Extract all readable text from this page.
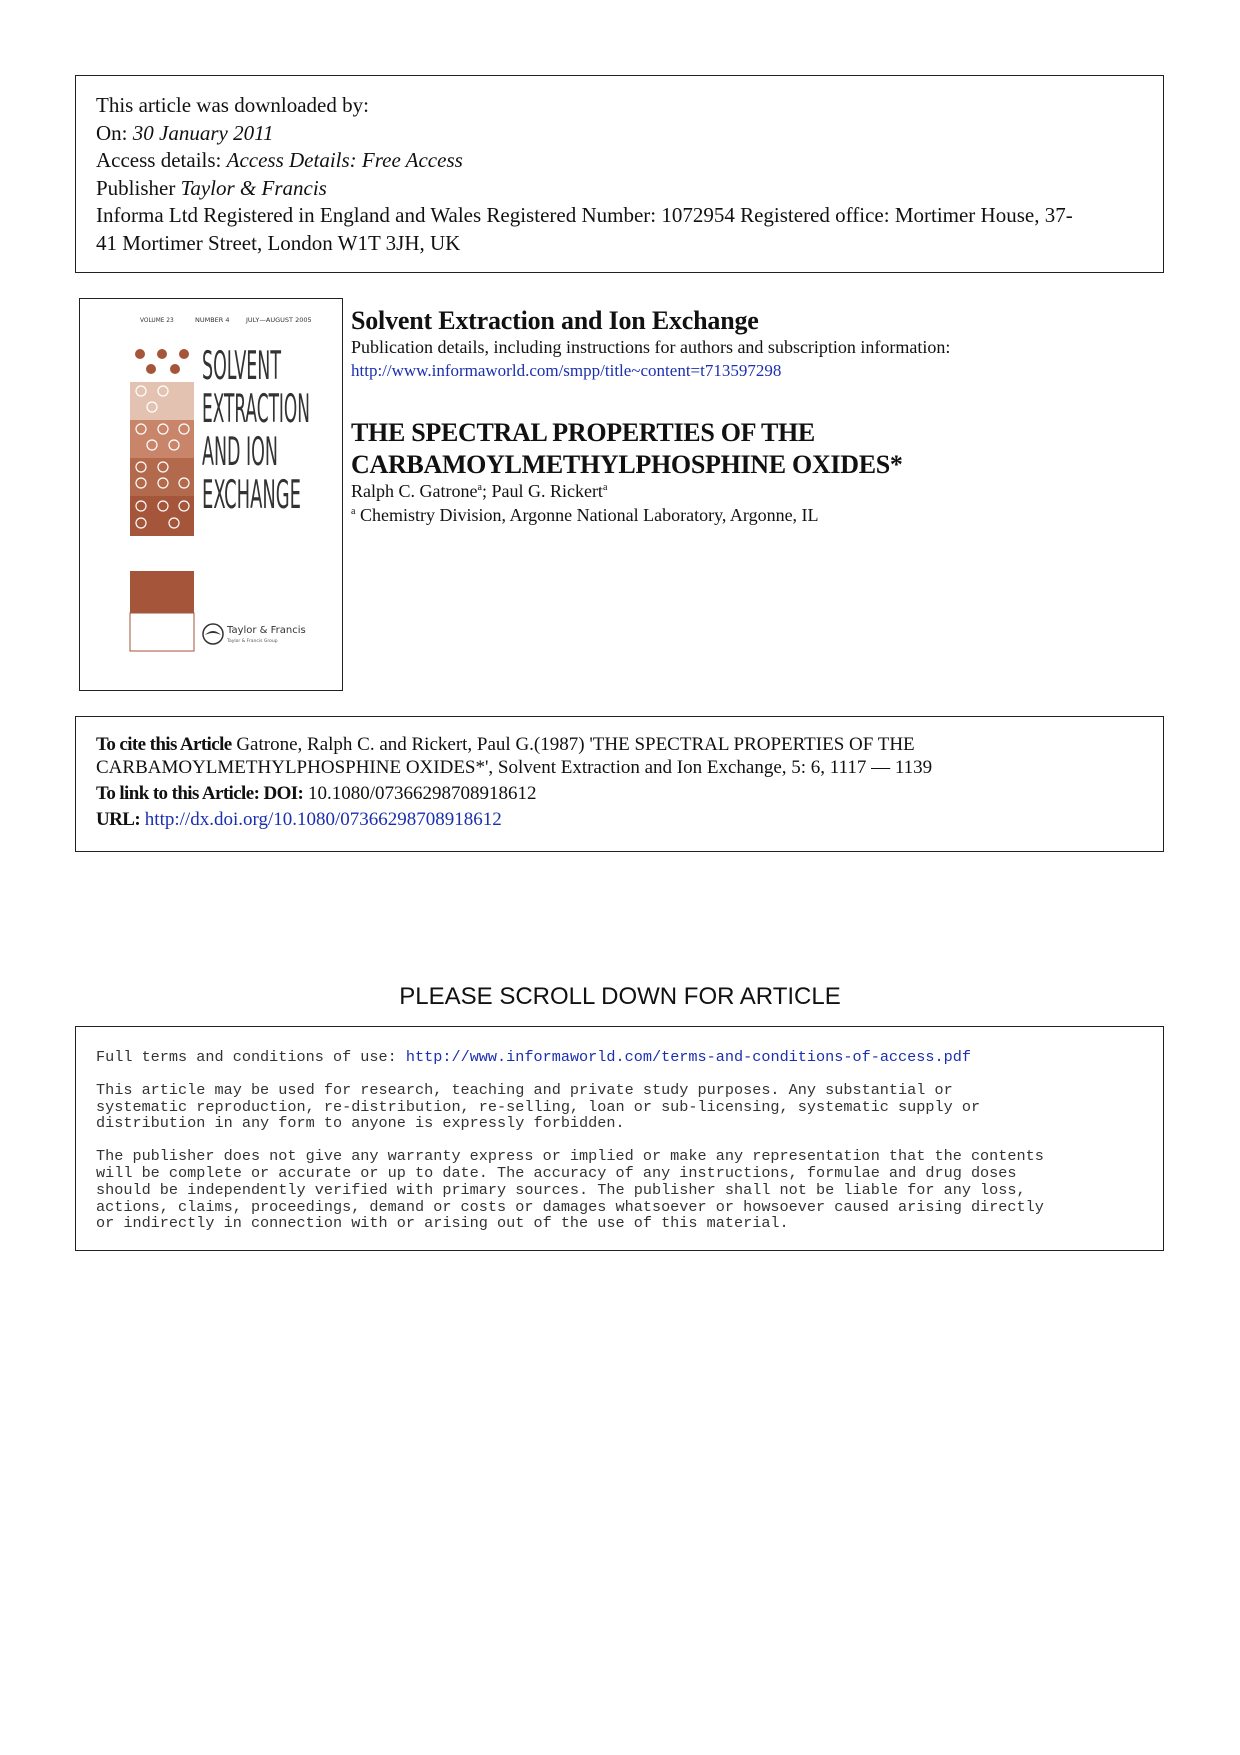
This article was downloaded by:
On: 30 January 2011
Access details: Access Details: Free Access
Publisher Taylor & Francis
Informa Ltd Registered in England and Wales Registered Number: 1072954 Registered office: Mortimer House, 37-
41 Mortimer Street, London W1T 3JH, UK
VOLUME 23	NUMBER 4	JULY—AUGUST 2005
SOLVENT
EXTRACTION
AND ION
EXCHANGE
Taylor & Francis
Taylor & Francis Group
Solvent Extraction and Ion Exchange
Publication details, including instructions for authors and subscription information:
http://www.informaworld.com/smpp/title~content=t713597298
THE SPECTRAL PROPERTIES OF THE
CARBAMOYLMETHYLPHOSPHINE OXIDES*
Ralph C. Gatrone$^a$; Paul G. Rickert$^a$
$^a$ Chemistry Division, Argonne National Laboratory, Argonne, IL
To cite this Article Gatrone, Ralph C. and Rickert, Paul G.(1987) 'THE SPECTRAL PROPERTIES OF THE
CARBAMOYLMETHYLPHOSPHINE OXIDES*', Solvent Extraction and Ion Exchange, 5: 6, 1117 — 1139
To link to this Article: DOI: 10.1080/07366298708918612
URL: http://dx.doi.org/10.1080/07366298708918612
PLEASE SCROLL DOWN FOR ARTICLE

Full terms and conditions of use: http://www.informaworld.com/terms-and-conditions-of-access.pdf

This article may be used for research, teaching and private study purposes. Any substantial or
systematic reproduction, re-distribution, re-selling, loan or sub-licensing, systematic supply or
distribution in any form to anyone is expressly forbidden.

The publisher does not give any warranty express or implied or make any representation that the contents
will be complete or accurate or up to date. The accuracy of any instructions, formulae and drug doses
should be independently verified with primary sources. The publisher shall not be liable for any loss,
actions, claims, proceedings, demand or costs or damages whatsoever or howsoever caused arising directly
or indirectly in connection with or arising out of the use of this material.
